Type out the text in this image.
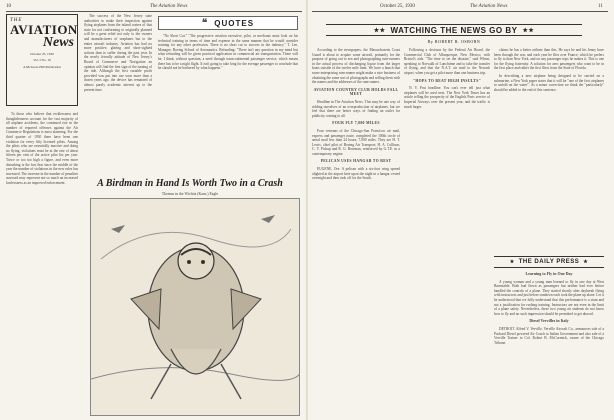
10	The Aviation News
THE
AVIATION
News
October 25, 1930
Vol. I No. 16
A McGraw-Hill Publication

To those who believe that recklessness and thoughtlessness account for the vast majority of all airplane accidents, the continued rise in the number of reported offenses against the Air Commerce Regulations is most alarming. For the third quarter of 1930 there have been one violation for every fifty licensed pilots. Among the pilots who are essentially inactive and doing no flying, violations must be at the rate of about fifteen per cent of the active pilot list per year. Twice or too too high a figure, and even more disturbing is the fact that since the middle of the year the number of violations in the new rules has increased. The increase in the number of penalties assessed may represent not so much an increased lawlessness as an improved enforcement.

The success of the New Jersey state authorities to make their inspection against flying airplanes from the inland waters of that state for not conforming to originally planned will be a great relief not only to the owners and manufacturers of seaplanes but to the entire aircraft industry. Aviation has had no more positive, glaring and short-sighted actions than to suffer during the past year. In the newly friendly attitude of New Jersey's Board of Commerce and Navigation an opinion will find the first sign of the turning of the tide. Although the first variable profit provided was put into use soon more than a dozen years ago, the device has remained of almost purely academic interest up to the present time.

❝ QUOTES

"No Short Cut." "The progressive aviation executive, pilot, or mechanic must look on his technical training in terms of time and expense in the same manner that he would consider training for any other profession. There is no short cut to success in the industry." T. Lee, Manager, Boeing School of Aeronautics. Refunding: "There isn't any question in my mind but what refunding will be given practical application in commercial air transportation. There will be, I think, without question, a need through transcontinental passenger service, which means there has to be a night flight. It isn't going to take long for the average passenger to conclude that he should not be bothered by what happens."

A Birdman in Hand Is Worth Two in a Crash
Thomas in the Wichita (Kans.) Eagle
October 25, 1930	The Aviation News	11
★★ WATCHING THE NEWS GO BY ★★
By ROBERT R. OSBORN

According to the newspapers, the Massachusetts Coast Guard is about to acquire some aircraft, primarily for the purpose of going out to sea and photographing rum-runners in the actual process of discharging liquor from the larger boats outside of the twelve mile limit. We have a hunch that some enterprising rum-runner might make a nice business of obtaining the same sort of photographs and selling them with the names and the addresses of the rum-runner.

AVIATION COUNTRY CLUB HOLDS FALL MEET

Headline in The Aviation News. This may be one way of ridding ourselves of an overproduction of airplanes, but we feel that there are better ways of finding an outlet for publicity coming to all.

FOUR FLY 7,000 MILES

Four veterans of the Chicago-San Francisco air mail, express and passenger route, completed the 100th circle of aerial mail less than 24 hours, 7,000 miles. They are H. T. Lewis, chief pilot of Boeing Air Transport; H. A. Collison, C. V. Pickup and R. G. Bowman, reinforced by G.T.E. in a contemporary engine.

PELICAN USES HANGAR TO REST

EUGENE, Ore. A pelican with a six-foot wing spread alighted at the airport here upon the night in a hangar, rested overnight and then took off for the South.

Following a decision by the Federal Air Board, the Commercial Club of Albuquerque, New Mexico, with Bristol's aids. "The time to set the disaster," said Wheat, speaking to Norwalk of Lunchtime and to take the transfer of flying, and that the N.A.T. air mail to the Newark airport, when you get a pilot more than one business trip.

"HOPS TO BEAT HIGH INSULTS"

N. Y. Post headline. You can't ever tell just what airplanes will be used next. The New York Times has an article telling the prosperity of the English Paris service of Imperial Airways over the present year, and the traffic is much larger.

claims he has a better airliner than this. He says he and his Jenny have been through the war, and each year he flies over France, which he prefers to fly to than New York, and on any passenger trips he makes it. This is one for the flying fraternity. A solution for aero passengers who want to be in the first place and rather the first fliers from the State of Florida.

In describing a new airplane being designed to be carried on a submarine, a New York paper states that it will be "one of the first airplanes to unfold on the water". As a minor correction we think the "particularly" should be added to the end of this sentence.

★ THE DAILY PRESS ★

Learning to Fly in One Day

A young woman and a young man learned to fly in one day at West Barnstable. Both had flown as passengers but neither had ever before handled the controls of a plane. They started shortly after daybreak flying with instructors and just before sundown each took the plane up alone. Let it be understood that we fully understand that this performance is a stunt and not a justification for rushing training. Instructors are not even in the limit of a plane safety. Nevertheless, these two young air students do not know how to fly and no such impression should be permitted to get abroad.

Diesel Vervilles in Italy

DETROIT. Alfred V. Verville, Verville Aircraft Co., announces sale of a Packard Diesel powered Air Coach to Italian Government and also sale of a Verville Trainer to Col. Robert B. McCormick, owner of the Chicago Tribune.
